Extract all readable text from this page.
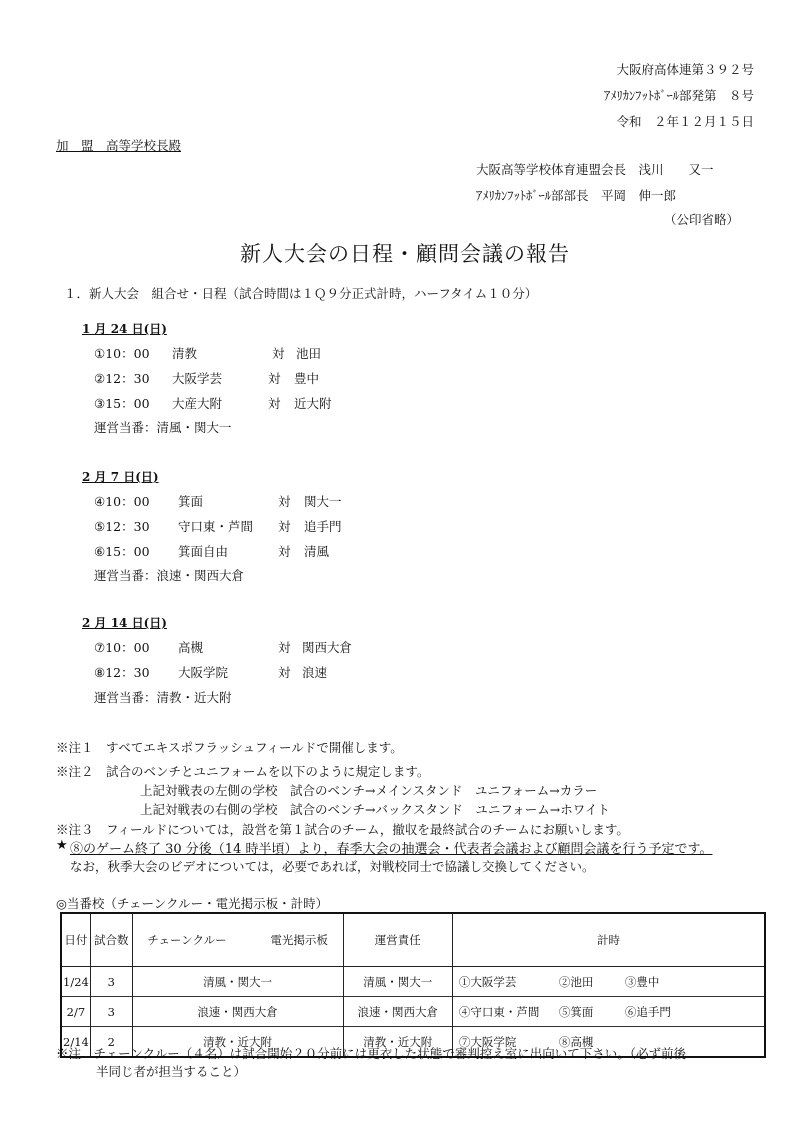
大阪府高体連第３９２号
ｱﾒﾘｶﾝﾌｯﾄﾎﾞｰﾙ部発第　８号
令和　２年１２月１５日
加　盟　高等学校長殿
大阪高等学校体育連盟会長　浅川　　又一
ｱﾒﾘｶﾝﾌｯﾄﾎﾞｰﾙ部部長　平岡　伸一郎
（公印省略）
新人大会の日程・顧問会議の報告
１．新人大会　組合せ・日程（試合時間は１Ｑ９分正式計時，ハーフタイム１０分）
1 月 24 日(日)
①10：00 清教	対 池田
②12：30 大阪学芸	対 豊中
③15：00 大産大附	対 近大附
運営当番：清風・関大一
2 月 7 日(日)
④10：00 箕面	対 関大一
⑤12：30 守口東・芦間 対 追手門
⑥15：00 箕面自由	対 清風
運営当番：浪速・関西大倉
2 月 14 日(日)
⑦10：00 高槻	対 関西大倉
⑧12：30 大阪学院	対 浪速
運営当番：清教・近大附
※注１　すべてエキスポフラッシュフィールドで開催します。
※注２　試合のベンチとユニフォームを以下のように規定します。
上記対戦表の左側の学校　試合のベンチ→メインスタンド　ユニフォーム→カラー
上記対戦表の右側の学校　試合のベンチ→バックスタンド　ユニフォーム→ホワイト
※注３　フィールドについては，設営を第１試合のチーム，撤収を最終試合のチームにお願いします。
★ ⑧のゲーム終了 30 分後（14 時半頃）より，春季大会の抽選会・代表者会議および顧問会議を行う予定です。
なお，秋季大会のビデオについては，必要であれば，対戦校同士で協議し交換してください。
◎当番校（チェーンクルー・電光掲示板・計時）
日付	試合数	チェーンクルー 電光掲示板	運営責任	計時
1/24	3	清風・関大一	清風・関大一	①大阪学芸 ②池田 ③豊中
2/7	3	浪速・関西大倉	浪速・関西大倉	④守口東・芦間 ⑤箕面 ⑥追手門
2/14	2	清教・近大附	清教・近大附	⑦大阪学院 ⑧高槻
※注　チェーンクルー（４名）は試合開始２０分前には更衣した状態で審判控え室に出向いて下さい。（必ず前後
半同じ者が担当すること）
